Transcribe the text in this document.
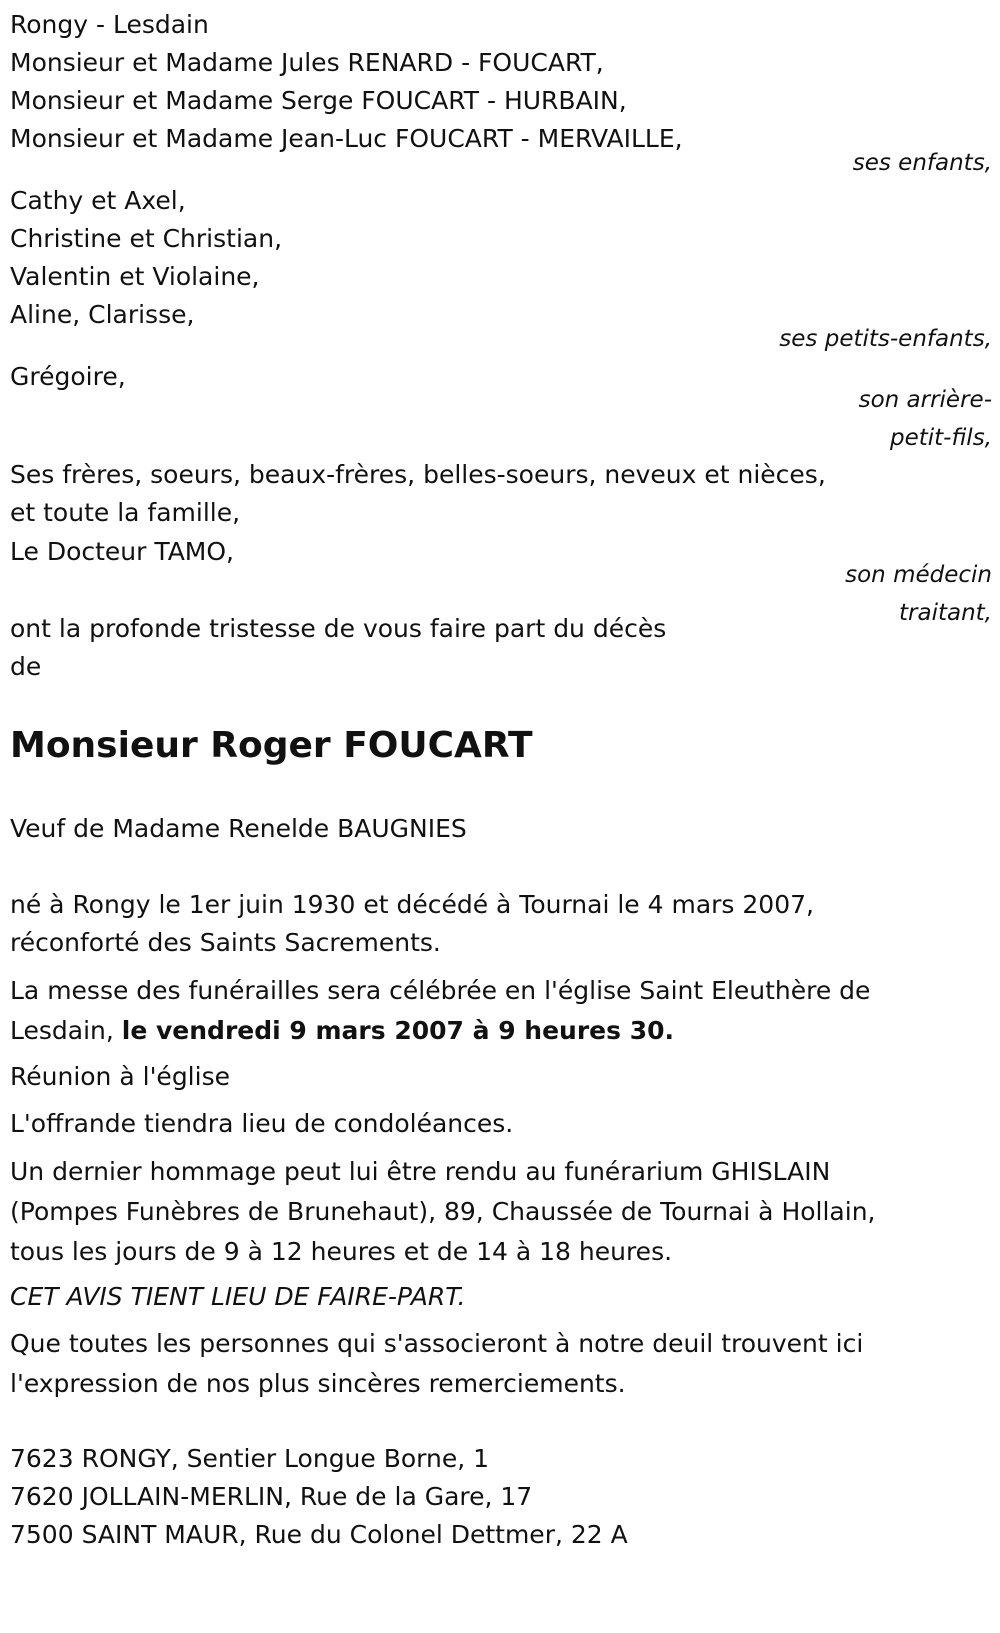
Rongy - Lesdain
Monsieur et Madame Jules RENARD - FOUCART,
Monsieur et Madame Serge FOUCART - HURBAIN,
Monsieur et Madame Jean-Luc FOUCART - MERVAILLE,
ses enfants,
Cathy et Axel,
Christine et Christian,
Valentin et Violaine,
Aline, Clarisse,
ses petits-enfants,
Grégoire,
son arrière-
petit-fils,
Ses frères, soeurs, beaux-frères, belles-soeurs, neveux et nièces,
et toute la famille,
Le Docteur TAMO,
son médecin
traitant,
ont la profonde tristesse de vous faire part du décès
de
Monsieur Roger FOUCART
Veuf de Madame Renelde BAUGNIES
né à Rongy le 1er juin 1930 et décédé à Tournai le 4 mars 2007,
réconforté des Saints Sacrements.
La messe des funérailles sera célébrée en l'église Saint Eleuthère de Lesdain, le vendredi 9 mars 2007 à 9 heures 30.
Réunion à l'église
L'offrande tiendra lieu de condoléances.
Un dernier hommage peut lui être rendu au funérarium GHISLAIN (Pompes Funèbres de Brunehaut), 89, Chaussée de Tournai à Hollain, tous les jours de 9 à 12 heures et de 14 à 18 heures.
CET AVIS TIENT LIEU DE FAIRE-PART.
Que toutes les personnes qui s'associeront à notre deuil trouvent ici l'expression de nos plus sincères remerciements.
7623 RONGY, Sentier Longue Borne, 1
7620 JOLLAIN-MERLIN, Rue de la Gare, 17
7500 SAINT MAUR, Rue du Colonel Dettmer, 22 A
